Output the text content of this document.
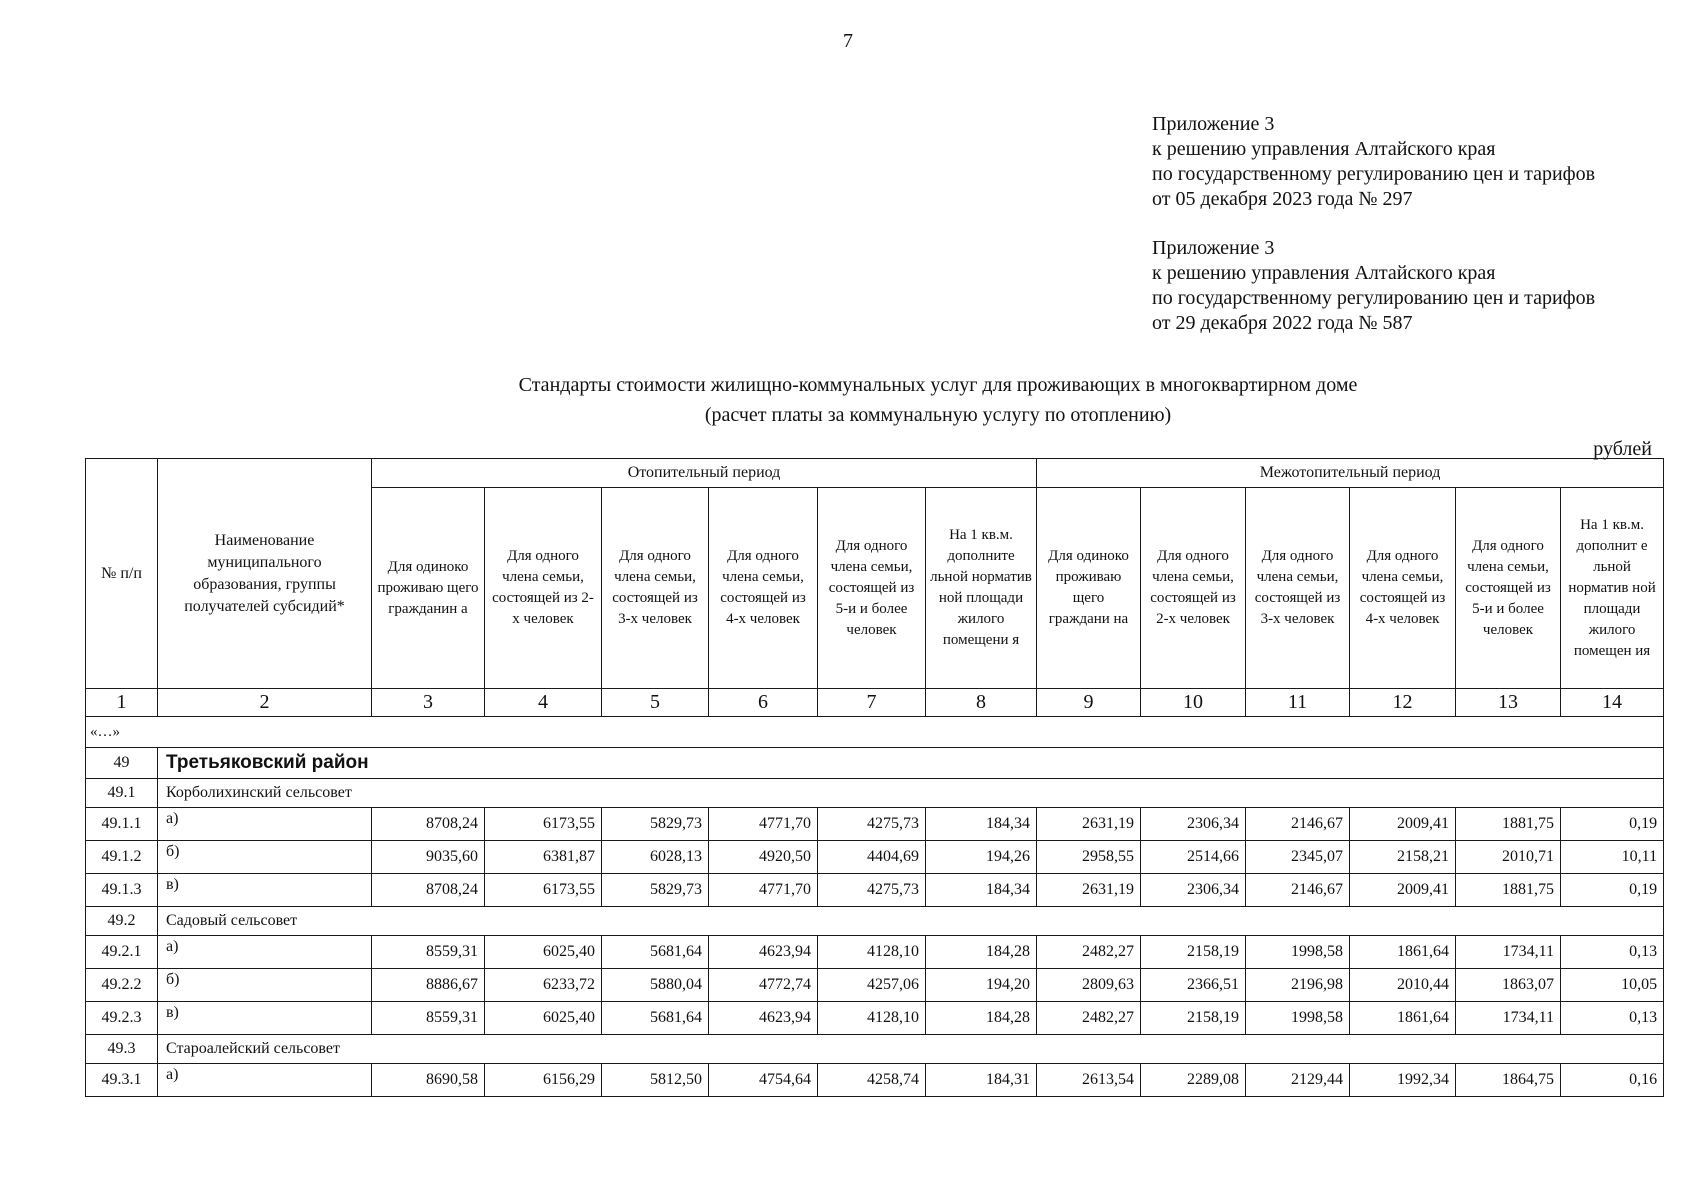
7
Приложение 3
к решению управления Алтайского края
по государственному регулированию цен и тарифов
от 05 декабря 2023 года № 297
Приложение 3
к решению управления Алтайского края
по государственному регулированию цен и тарифов
от 29 декабря 2022 года № 587
Стандарты стоимости жилищно-коммунальных услуг для проживающих в многоквартирном доме
(расчет платы за коммунальную услугу по отоплению)
рублей
№ п/п	Наименование муниципального образования, группы получателей субсидий*	Отопительный период						Межотопительный период					
		Для одиноко проживаю щего гражданин а	Для одного члена семьи, состоящей из 2-х человек	Для одного члена семьи, состоящей из 3-х человек	Для одного члена семьи, состоящей из 4-х человек	Для одного члена семьи, состоящей из 5-и и более человек	На 1 кв.м. дополните льной норматив ной площади жилого помещени я	Для одиноко проживаю щего граждани на	Для одного члена семьи, состоящей из 2-х человек	Для одного члена семьи, состоящей из 3-х человек	Для одного члена семьи, состоящей из 4-х человек	Для одного члена семьи, состоящей из 5-и и более человек	На 1 кв.м. дополнит е льной норматив ной площади жилого помещен ия
1	2	3	4	5	6	7	8	9	10	11	12	13	14
«…»													
49	Третьяковский район												
49.1	Корболихинский сельсовет												
49.1.1	а)	8708,24	6173,55	5829,73	4771,70	4275,73	184,34	2631,19	2306,34	2146,67	2009,41	1881,75	0,19
49.1.2	б)	9035,60	6381,87	6028,13	4920,50	4404,69	194,26	2958,55	2514,66	2345,07	2158,21	2010,71	10,11
49.1.3	в)	8708,24	6173,55	5829,73	4771,70	4275,73	184,34	2631,19	2306,34	2146,67	2009,41	1881,75	0,19
49.2	Садовый сельсовет												
49.2.1	а)	8559,31	6025,40	5681,64	4623,94	4128,10	184,28	2482,27	2158,19	1998,58	1861,64	1734,11	0,13
49.2.2	б)	8886,67	6233,72	5880,04	4772,74	4257,06	194,20	2809,63	2366,51	2196,98	2010,44	1863,07	10,05
49.2.3	в)	8559,31	6025,40	5681,64	4623,94	4128,10	184,28	2482,27	2158,19	1998,58	1861,64	1734,11	0,13
49.3	Староалейский сельсовет												
49.3.1	а)	8690,58	6156,29	5812,50	4754,64	4258,74	184,31	2613,54	2289,08	2129,44	1992,34	1864,75	0,16
